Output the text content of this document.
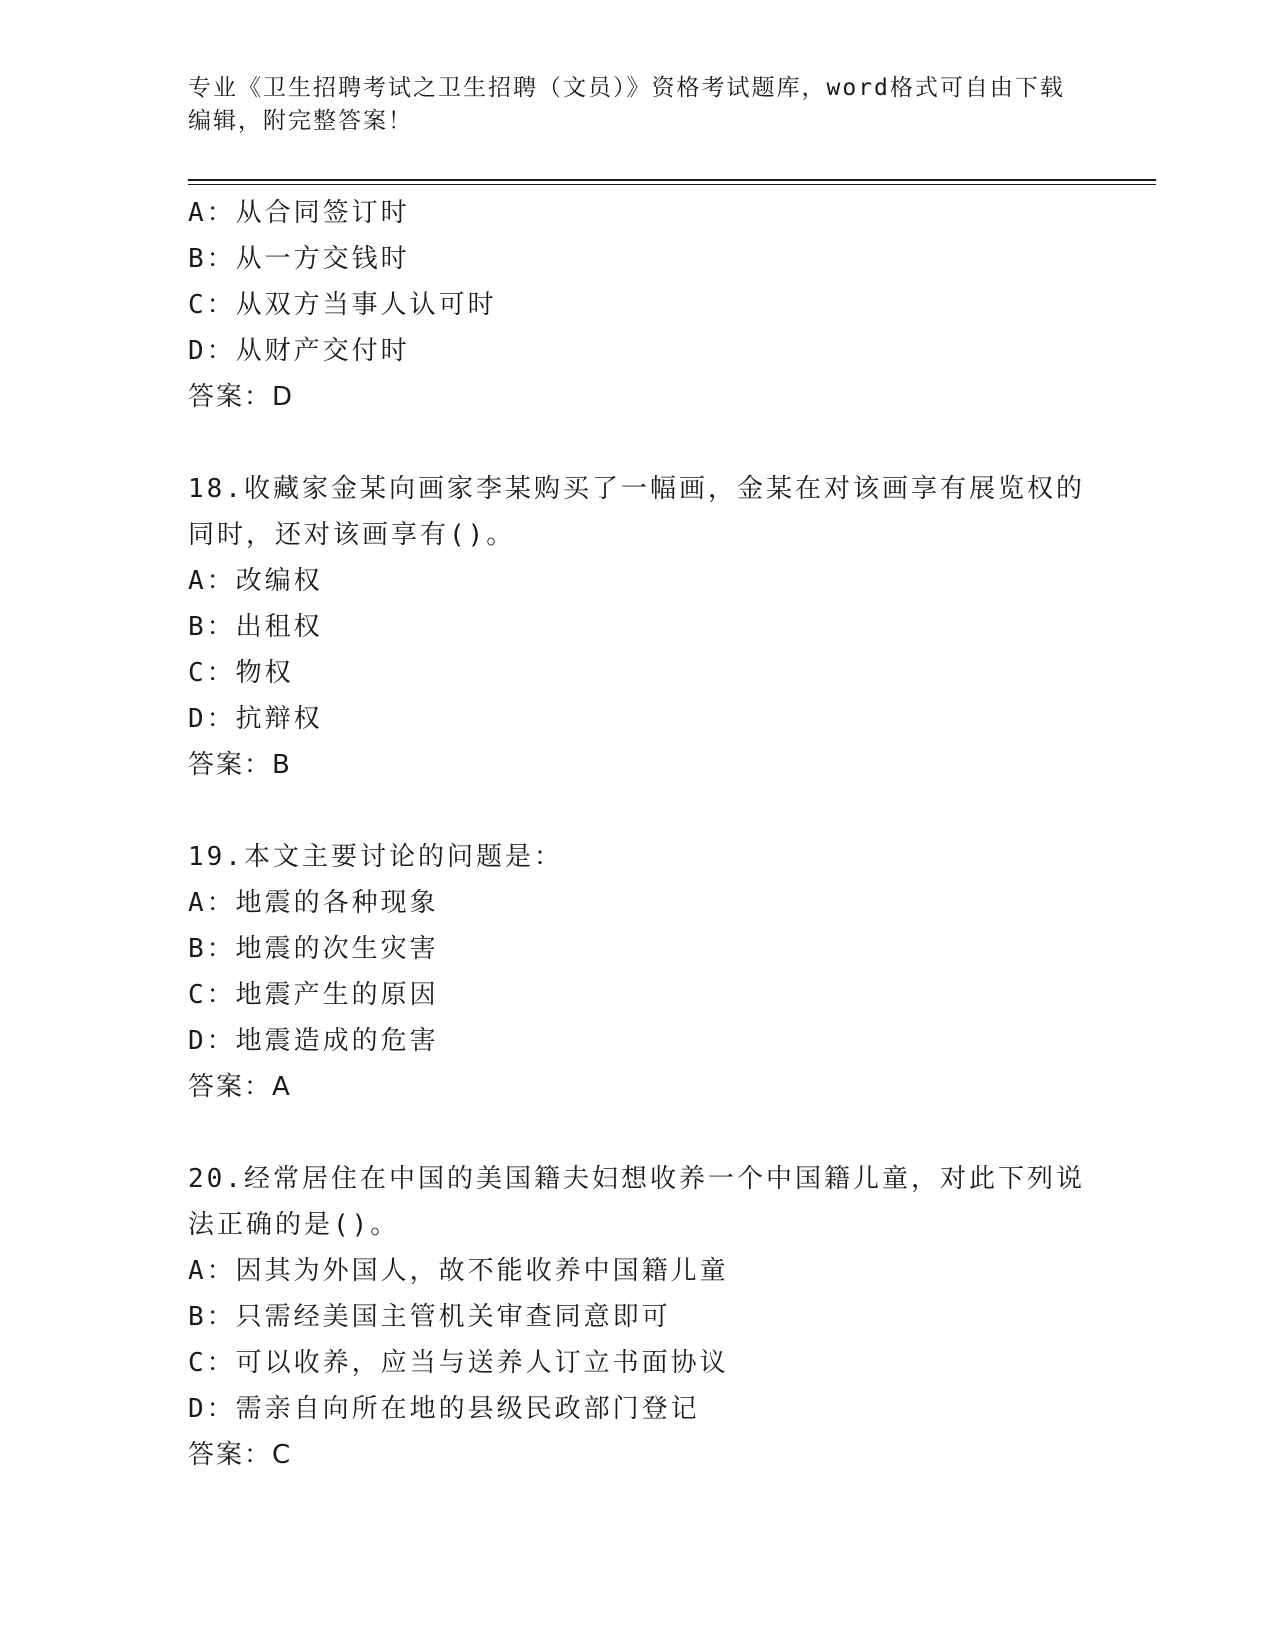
专业《卫生招聘考试之卫生招聘（文员）》资格考试题库，word格式可自由下载
编辑，附完整答案！
A：从合同签订时
B：从一方交钱时
C：从双方当事人认可时
D：从财产交付时
答案：D
18.收藏家金某向画家李某购买了一幅画，金某在对该画享有展览权的
同时，还对该画享有()。
A：改编权
B：出租权
C：物权
D：抗辩权
答案：B
19.本文主要讨论的问题是：
A：地震的各种现象
B：地震的次生灾害
C：地震产生的原因
D：地震造成的危害
答案：A
20.经常居住在中国的美国籍夫妇想收养一个中国籍儿童，对此下列说
法正确的是()。
A：因其为外国人，故不能收养中国籍儿童
B：只需经美国主管机关审查同意即可
C：可以收养，应当与送养人订立书面协议
D：需亲自向所在地的县级民政部门登记
答案：C
